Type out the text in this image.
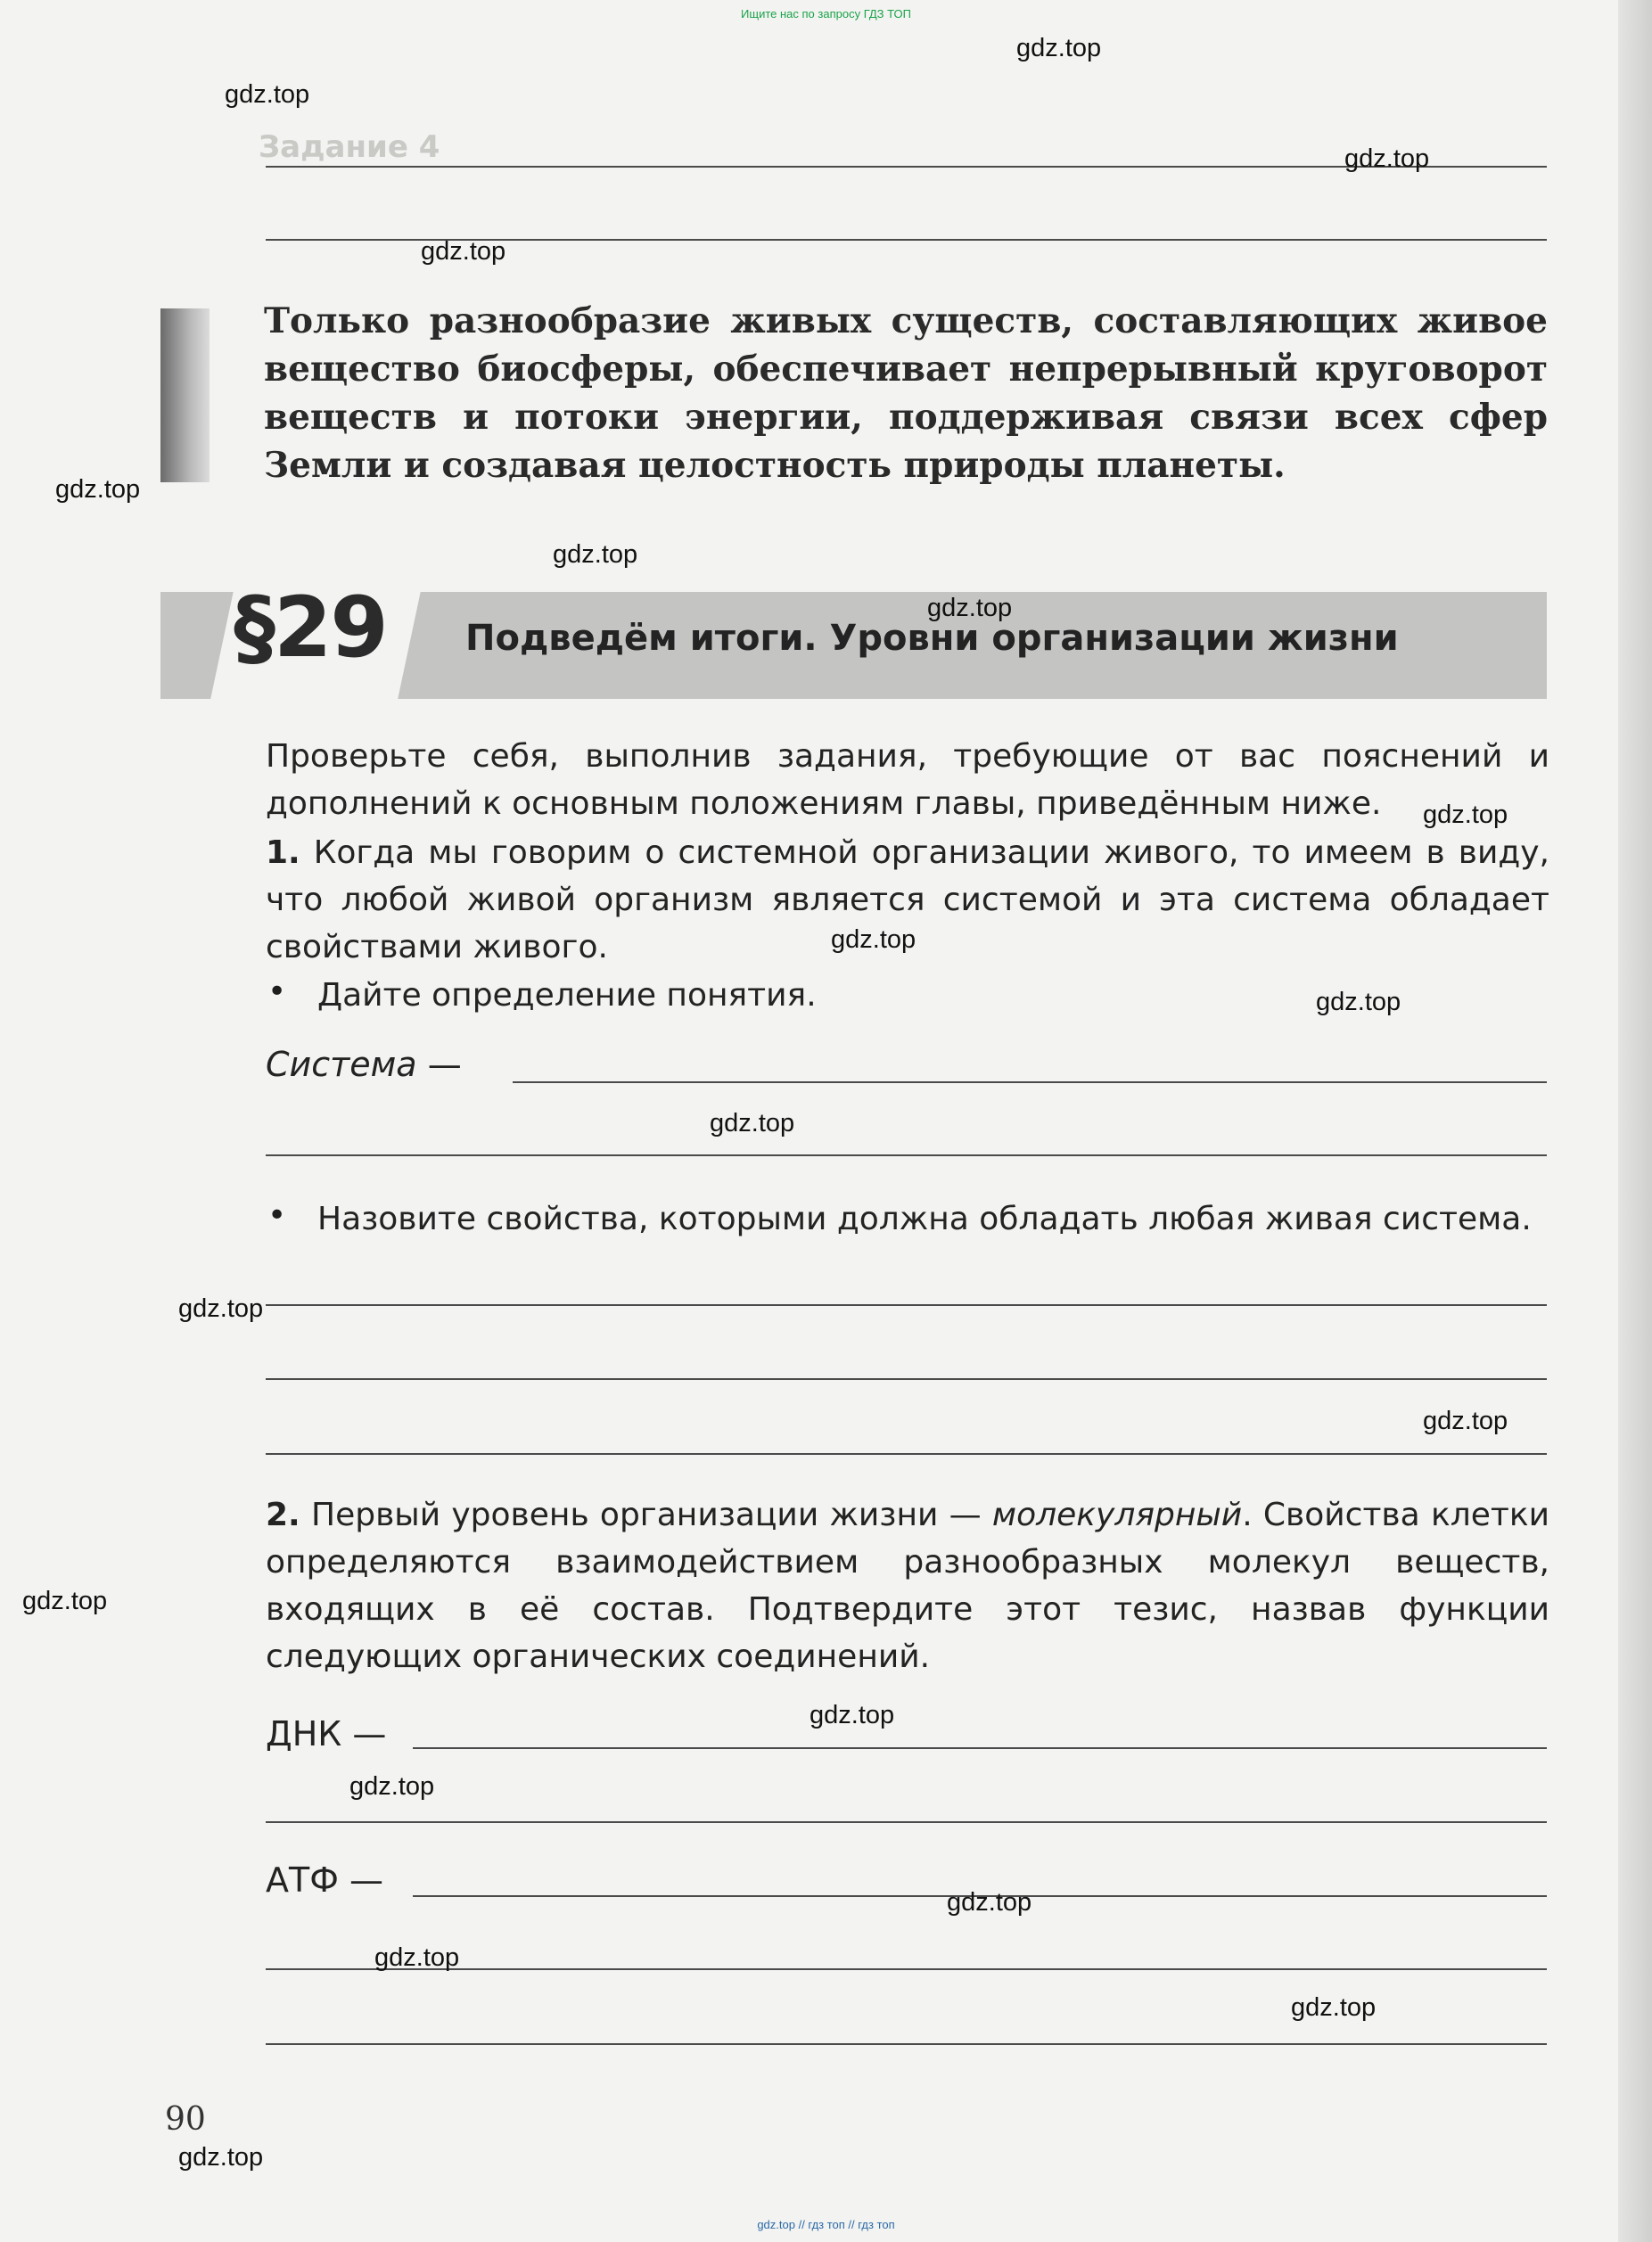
Ищите нас по запросу ГДЗ ТОП
Задание 4
Только разнообразие живых существ, составляющих живое вещество биосферы, обеспечивает непрерывный круговорот веществ и потоки энергии, поддерживая связи всех сфер Земли и создавая целостность природы планеты.
§29 Подведём итоги. Уровни организации жизни
Проверьте себя, выполнив задания, требующие от вас пояснений и дополнений к основным положениям главы, приведённым ниже.
1. Когда мы говорим о системной организации живого, то имеем в виду, что любой живой организм является системой и эта система обладает свойствами живого.
• Дайте определение понятия.
Система —
• Назовите свойства, которыми должна обладать любая живая система.
2. Первый уровень организации жизни — молекулярный. Свойства клетки определяются взаимодействием разнообразных молекул веществ, входящих в её состав. Подтвердите этот тезис, назвав функции следующих органических соединений.
ДНК —
АТФ —
90
gdz.top
gdz.top
gdz.top
gdz.top
gdz.top
gdz.top
gdz.top
gdz.top
gdz.top
gdz.top
gdz.top
gdz.top
gdz.top
gdz.top
gdz.top
gdz.top
gdz.top
gdz.top
gdz.top
gdz.top
gdz.top // гдз топ // гдз топ
